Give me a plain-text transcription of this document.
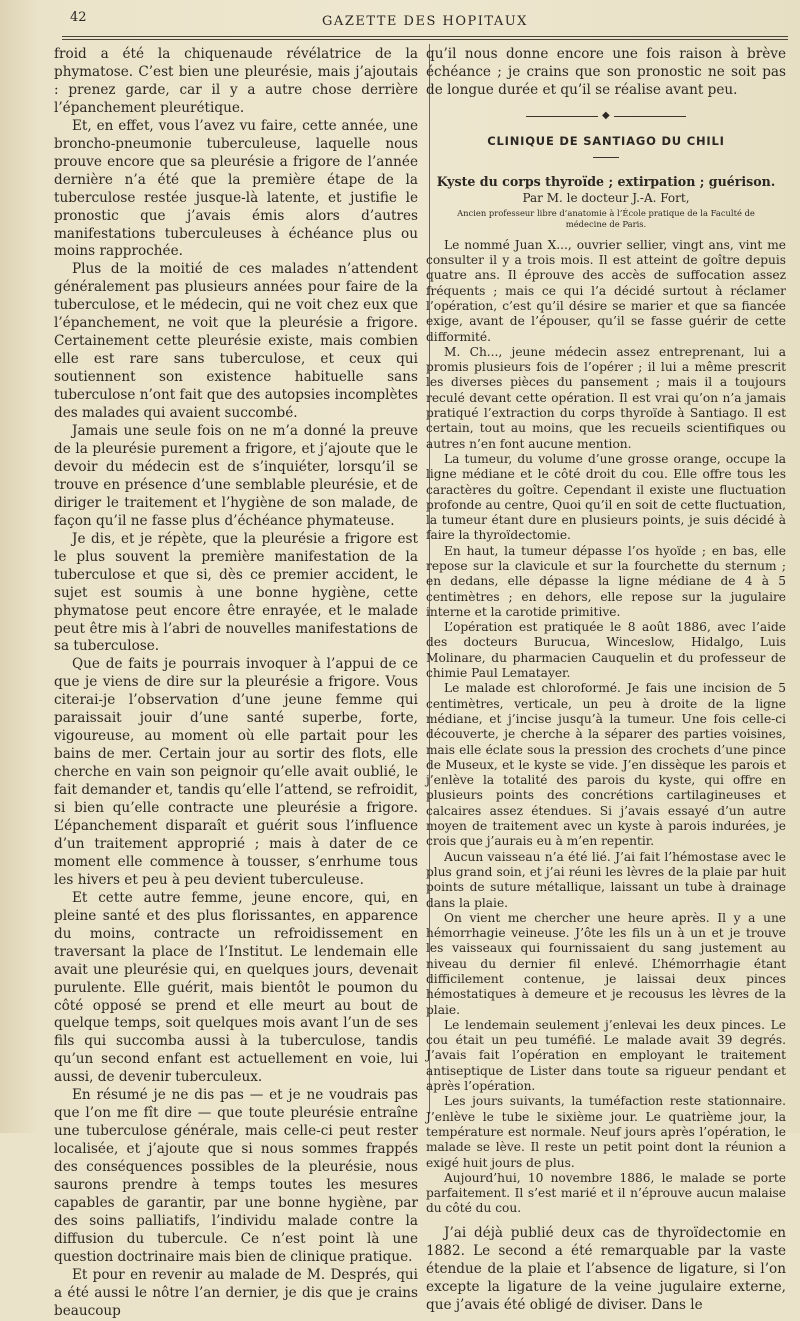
42	GAZETTE DES HOPITAUX

froid a été la chiquenaude révélatrice de la phymatose. C’est bien une pleurésie, mais j’ajoutais : prenez garde, car il y a autre chose derrière l’épanchement pleurétique.

Et, en effet, vous l’avez vu faire, cette année, une broncho-pneumonie tuberculeuse, laquelle nous prouve encore que sa pleurésie a frigore de l’année dernière n’a été que la première étape de la tuberculose restée jusque-là latente, et justifie le pronostic que j’avais émis alors d’autres manifestations tuberculeuses à échéance plus ou moins rapprochée.

Plus de la moitié de ces malades n’attendent généralement pas plusieurs années pour faire de la tuberculose, et le médecin, qui ne voit chez eux que l’épanchement, ne voit que la pleurésie a frigore. Certainement cette pleurésie existe, mais combien elle est rare sans tuberculose, et ceux qui soutiennent son existence habituelle sans tuberculose n’ont fait que des autopsies incomplètes des malades qui avaient succombé.

Jamais une seule fois on ne m’a donné la preuve de la pleurésie purement a frigore, et j’ajoute que le devoir du médecin est de s’inquiéter, lorsqu’il se trouve en présence d’une semblable pleurésie, et de diriger le traitement et l’hygiène de son malade, de façon qu’il ne fasse plus d’échéance phymateuse.

Je dis, et je répète, que la pleurésie a frigore est le plus souvent la première manifestation de la tuberculose et que si, dès ce premier accident, le sujet est soumis à une bonne hygiène, cette phymatose peut encore être enrayée, et le malade peut être mis à l’abri de nouvelles manifestations de sa tuberculose.

Que de faits je pourrais invoquer à l’appui de ce que je viens de dire sur la pleurésie a frigore. Vous citerai-je l’observation d’une jeune femme qui paraissait jouir d’une santé superbe, forte, vigoureuse, au moment où elle partait pour les bains de mer. Certain jour au sortir des flots, elle cherche en vain son peignoir qu’elle avait oublié, le fait demander et, tandis qu’elle l’attend, se refroidit, si bien qu’elle contracte une pleurésie a frigore. L’épanchement disparaît et guérit sous l’influence d’un traitement approprié ; mais à dater de ce moment elle commence à tousser, s’enrhume tous les hivers et peu à peu devient tuberculeuse.

Et cette autre femme, jeune encore, qui, en pleine santé et des plus florissantes, en apparence du moins, contracte un refroidissement en traversant la place de l’Institut. Le lendemain elle avait une pleurésie qui, en quelques jours, devenait purulente. Elle guérit, mais bientôt le poumon du côté opposé se prend et elle meurt au bout de quelque temps, soit quelques mois avant l’un de ses fils qui succomba aussi à la tuberculose, tandis qu’un second enfant est actuellement en voie, lui aussi, de devenir tuberculeux.

En résumé je ne dis pas — et je ne voudrais pas que l’on me fît dire — que toute pleurésie entraîne une tuberculose générale, mais celle-ci peut rester localisée, et j’ajoute que si nous sommes frappés des conséquences possibles de la pleurésie, nous saurons prendre à temps toutes les mesures capables de garantir, par une bonne hygiène, par des soins palliatifs, l’individu malade contre la diffusion du tubercule. Ce n’est point là une question doctrinaire mais bien de clinique pratique.

Et pour en revenir au malade de M. Després, qui a été aussi le nôtre l’an dernier, je dis que je crains beaucoup

qu’il nous donne encore une fois raison à brève échéance ; je crains que son pronostic ne soit pas de longue durée et qu’il se réalise avant peu.

◆
CLINIQUE DE SANTIAGO DU CHILI
Kyste du corps thyroïde ; extirpation ; guérison.
Par M. le docteur J.-A. Fort,
Ancien professeur libre d’anatomie à l’École pratique de la Faculté de médecine de Paris.

Le nommé Juan X..., ouvrier sellier, vingt ans, vint me consulter il y a trois mois. Il est atteint de goître depuis quatre ans. Il éprouve des accès de suffocation assez fréquents ; mais ce qui l’a décidé surtout à réclamer l’opération, c’est qu’il désire se marier et que sa fiancée exige, avant de l’épouser, qu’il se fasse guérir de cette difformité.

M. Ch..., jeune médecin assez entreprenant, lui a promis plusieurs fois de l’opérer ; il lui a même prescrit les diverses pièces du pansement ; mais il a toujours reculé devant cette opération. Il est vrai qu’on n’a jamais pratiqué l’extraction du corps thyroïde à Santiago. Il est certain, tout au moins, que les recueils scientifiques ou autres n’en font aucune mention.

La tumeur, du volume d’une grosse orange, occupe la ligne médiane et le côté droit du cou. Elle offre tous les caractères du goître. Cependant il existe une fluctuation profonde au centre, Quoi qu’il en soit de cette fluctuation, la tumeur étant dure en plusieurs points, je suis décidé à faire la thyroïdectomie.

En haut, la tumeur dépasse l’os hyoïde ; en bas, elle repose sur la clavicule et sur la fourchette du sternum ; en dedans, elle dépasse la ligne médiane de 4 à 5 centimètres ; en dehors, elle repose sur la jugulaire interne et la carotide primitive.

L’opération est pratiquée le 8 août 1886, avec l’aide des docteurs Burucua, Winceslow, Hidalgo, Luis Molinare, du pharmacien Cauquelin et du professeur de chimie Paul Lematayer.

Le malade est chloroformé. Je fais une incision de 5 centimètres, verticale, un peu à droite de la ligne médiane, et j’incise jusqu’à la tumeur. Une fois celle-ci découverte, je cherche à la séparer des parties voisines, mais elle éclate sous la pression des crochets d’une pince de Museux, et le kyste se vide. J’en dissèque les parois et j’enlève la totalité des parois du kyste, qui offre en plusieurs points des concrétions cartilagineuses et calcaires assez étendues. Si j’avais essayé d’un autre moyen de traitement avec un kyste à parois indurées, je crois que j’aurais eu à m’en repentir.

Aucun vaisseau n’a été lié. J’ai fait l’hémostase avec le plus grand soin, et j’ai réuni les lèvres de la plaie par huit points de suture métallique, laissant un tube à drainage dans la plaie.

On vient me chercher une heure après. Il y a une hémorrhagie veineuse. J’ôte les fils un à un et je trouve les vaisseaux qui fournissaient du sang justement au niveau du dernier fil enlevé. L’hémorrhagie étant difficilement contenue, je laissai deux pinces hémostatiques à demeure et je recousus les lèvres de la plaie.

Le lendemain seulement j’enlevai les deux pinces. Le cou était un peu tuméfié. Le malade avait 39 degrés. J’avais fait l’opération en employant le traitement antiseptique de Lister dans toute sa rigueur pendant et après l’opération.

Les jours suivants, la tuméfaction reste stationnaire. J’enlève le tube le sixième jour. Le quatrième jour, la température est normale. Neuf jours après l’opération, le malade se lève. Il reste un petit point dont la réunion a exigé huit jours de plus.

Aujourd’hui, 10 novembre 1886, le malade se porte parfaitement. Il s’est marié et il n’éprouve aucun malaise du côté du cou.

J’ai déjà publié deux cas de thyroïdectomie en 1882. Le second a été remarquable par la vaste étendue de la plaie et l’absence de ligature, si l’on excepte la ligature de la veine jugulaire externe, que j’avais été obligé de diviser. Dans le
